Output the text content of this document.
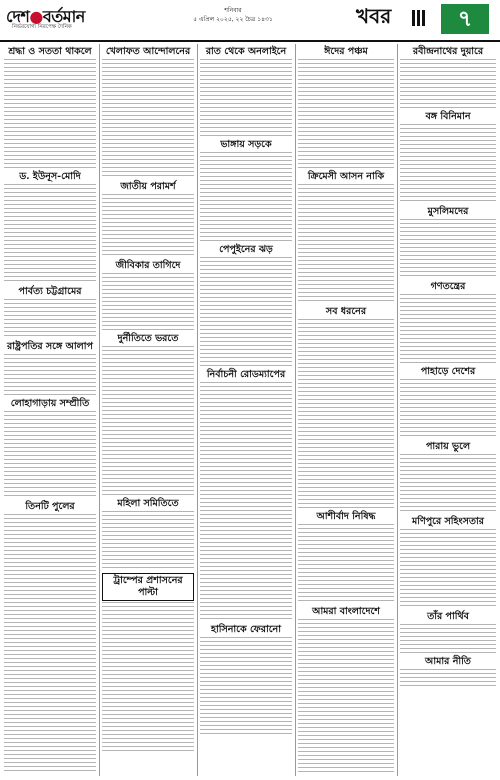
দেশ●বর্তমান
নির্ভরযোগ্য নিরপেক্ষ দৈনিক
শনিবার
৫ এপ্রিল ২০২৫, ২২ চৈত্র ১৪৩১	খবর	৭
শ্রদ্ধা ও সততা থাকলে
ড. ইউনূস-মোদি
পার্বত্য চট্টগ্রামের
রাষ্ট্রপতির সঙ্গে আলাপ
লোহাগাড়ায় সম্প্রীতি
তিনটি পুলের
খেলাফত আন্দোলনের
জাতীয় পরামর্শ
জীবিকার তাগিদে
দুর্নীতিতে ভরতে
মহিলা সমিতিতে
ট্রাম্পের প্রশাসনের পাল্টা
রাত থেকে অনলাইনে
ভাঙ্গায় সড়কে
পেপুইনের ঝড়
নির্বাচনী রোডম্যাপের
হাসিনাকে ফেরানো
ঈদের পঞ্চম
ক্রিমেসী আসন নাকি
সব ধরনের
আশীর্বাদ নিষিদ্ধ
আমরা বাংলাদেশে
রবীন্দ্রনাথের দুয়ারে
বঙ্গ বিনিমান
মুসলিমদের
গণতন্ত্রের
পাহাড়ে দেশের
পারায় ভুলে
মণিপুরে সহিংসতার
তাঁর পার্থিব
আমার নীতি
